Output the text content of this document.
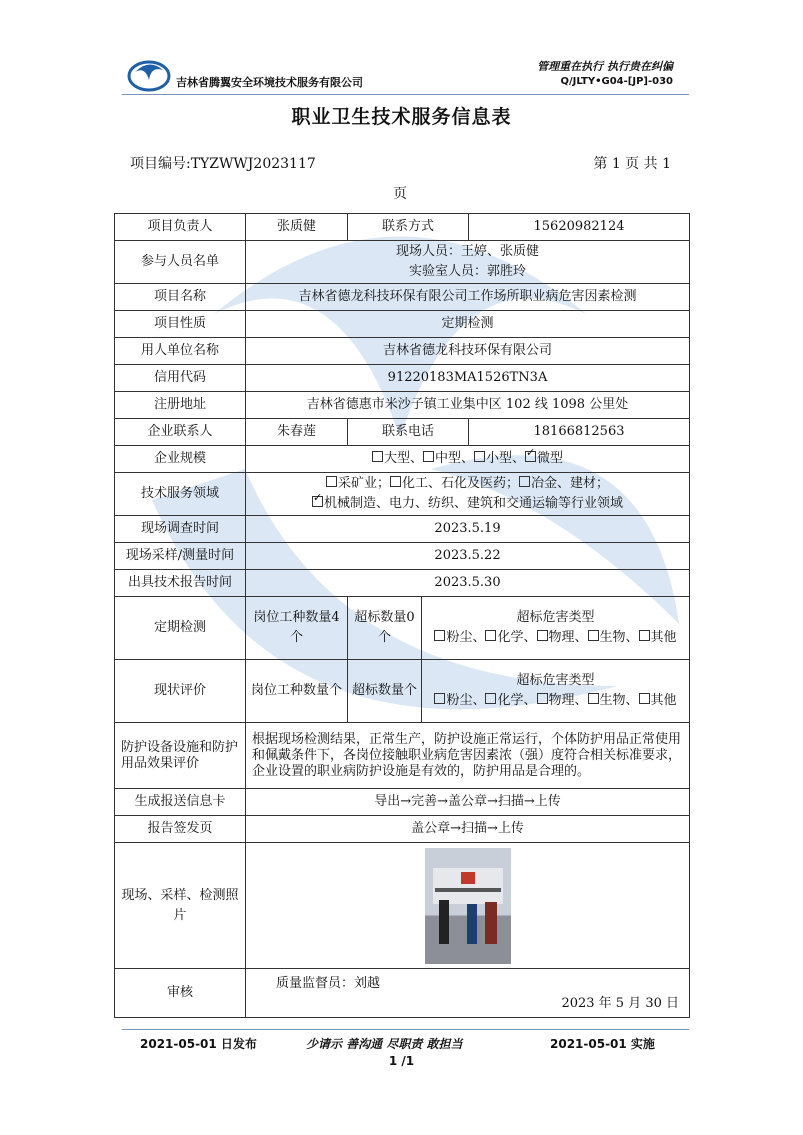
吉林省腾翼安全环境技术服务有限公司
管理重在执行 执行贵在纠偏
Q/JLTY•G04-[JP]-030
职业卫生技术服务信息表
项目编号:TYZWWJ2023117	第 1 页 共 1
页
项目负责人	张质健	联系方式		15620982124
参与人员名单	现场人员：王婷、张质健
实验室人员：郭胜玲			

项目名称	吉林省德龙科技环保有限公司工作场所职业病危害因素检测			
项目性质	定期检测			
用人单位名称	吉林省德龙科技环保有限公司			
信用代码	91220183MA1526TN3A			
注册地址	吉林省德惠市米沙子镇工业集中区 102 线 1098 公里处			
企业联系人	朱春莲	联系电话		18166812563
企业规模	大型、 中型、 小型、 ✓ 微型
技术服务领域	采矿业； 化工、石化及医药； 冶金、建材；
✓机械制造、电力、纺织、建筑和交通运输等行业领域

现场调查时间	2023.5.19			
现场采样/测量时间	2023.5.22			
出具技术报告时间	2023.5.30			
定期检测	岗位工种数量4 个	超标数量0 个	超标危害类型
粉尘、 化学、 物理、 生物、 其他	

现状评价	岗位工种数量个	超标数量个	超标危害类型
粉尘、 化学、 物理、 生物、 其他	

防护设备设施和防护用品效果评价	根据现场检测结果，正常生产，防护设施正常运行，个体防护用品正常使用和佩戴条件下，各岗位接触职业病危害因素浓（强）度符合相关标准要求，企业设置的职业病防护设施是有效的，防护用品是合理的。			
生成报送信息卡	导出→完善→盖公章→扫描→上传			
报告签发页	盖公章→扫描→上传			
现场、采样、检测照片				

审核	质量监督员：刘越
2023 年 5 月 30 日			
2021-05-01 日发布	少请示 善沟通 尽职责 敢担当	2021-05-01 实施
1 /1
